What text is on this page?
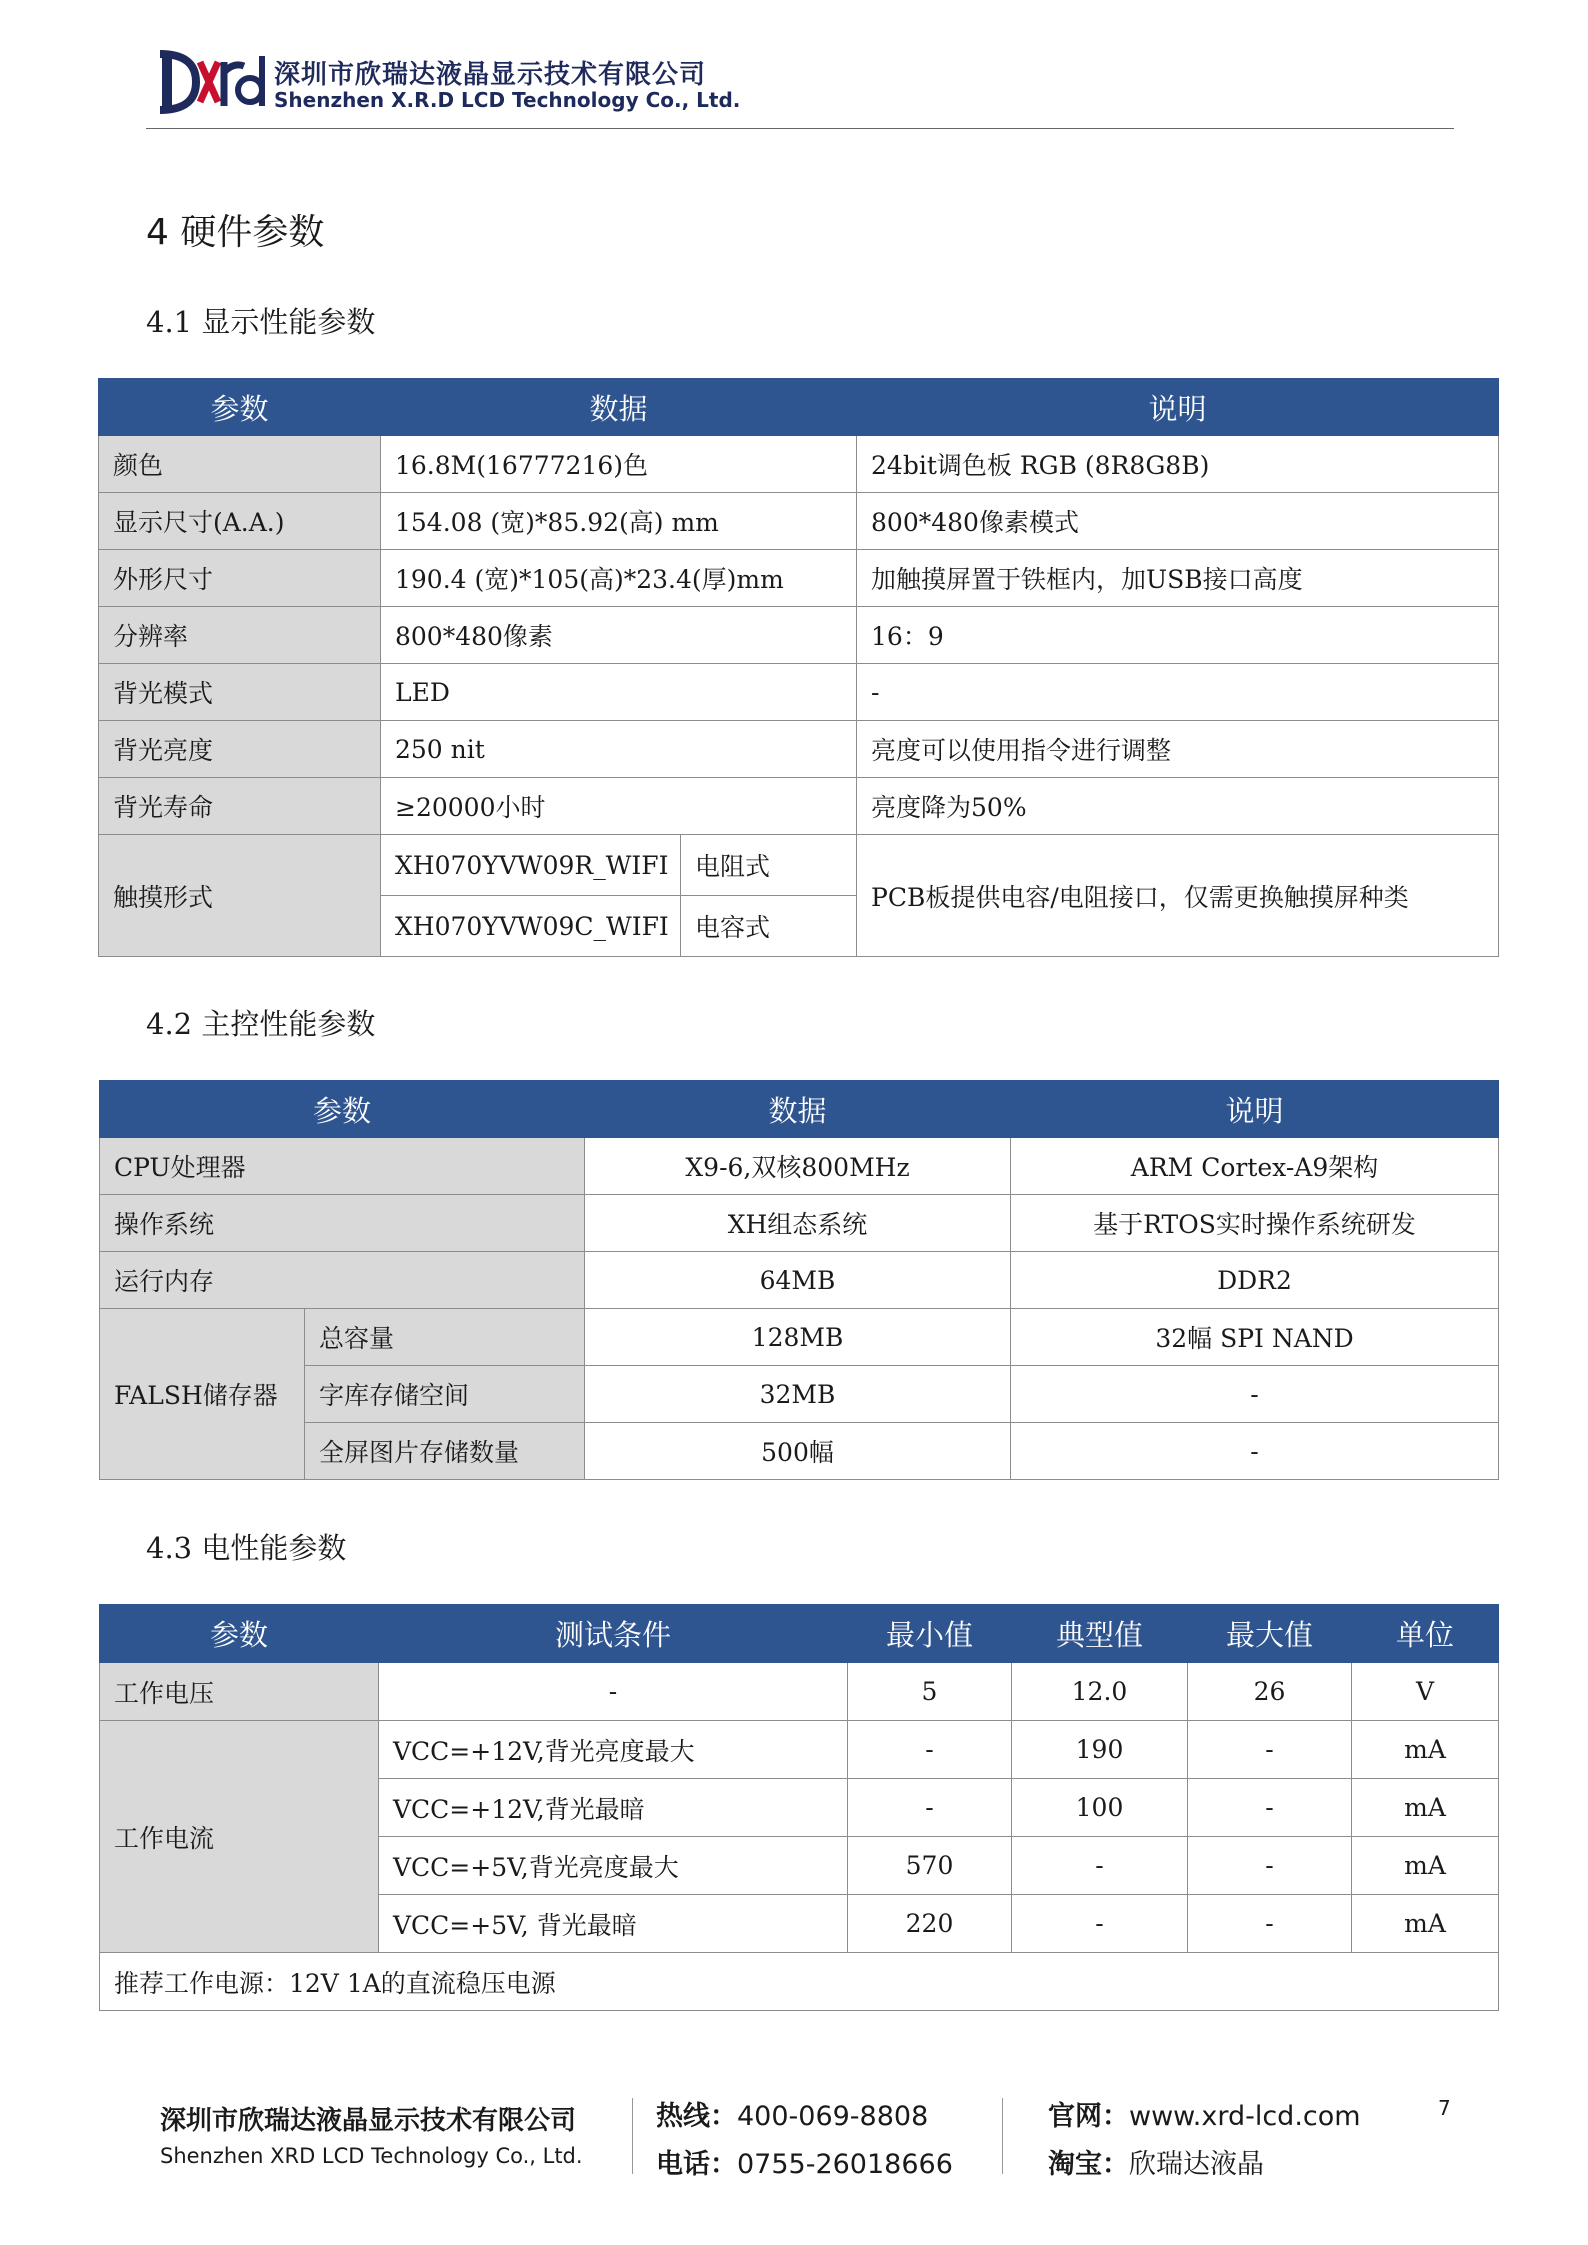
xrd
深圳市欣瑞达液晶显示技术有限公司
Shenzhen X.R.D LCD Technology Co., Ltd.
4 硬件参数
4.1 显示性能参数
参数	数据		说明
颜色	16.8M(16777216)色		24bit调色板 RGB (8R8G8B)
显示尺寸(A.A.)	154.08 (宽)*85.92(高) mm		800*480像素模式
外形尺寸	190.4 (宽)*105(高)*23.4(厚)mm		加触摸屏置于铁框内，加USB接口高度
分辨率	800*480像素		16：9
背光模式	LED		-
背光亮度	250 nit		亮度可以使用指令进行调整
背光寿命	≥20000小时		亮度降为50%
触摸形式	XH070YVW09R_WIFI	电阻式	PCB板提供电容/电阻接口，仅需更换触摸屏种类
	XH070YVW09C_WIFI	电容式	
4.2 主控性能参数
参数		数据	说明
CPU处理器		X9-6,双核800MHz	ARM Cortex-A9架构
操作系统		XH组态系统	基于RTOS实时操作系统研发
运行内存		64MB	DDR2
FALSH储存器	总容量	128MB	32幅 SPI NAND
	字库存储空间	32MB	-
	全屏图片存储数量	500幅	-
4.3 电性能参数
参数	测试条件	最小值	典型值	最大值	单位
工作电压	-	5	12.0	26	V
工作电流	VCC=+12V,背光亮度最大	-	190	-	mA
	VCC=+12V,背光最暗	-	100	-	mA
	VCC=+5V,背光亮度最大	570	-	-	mA
	VCC=+5V, 背光最暗	220	-	-	mA
推荐工作电源：12V 1A的直流稳压电源					
深圳市欣瑞达液晶显示技术有限公司
Shenzhen XRD LCD Technology Co., Ltd.
热线：400-069-8808
电话：0755-26018666
官网：www.xrd-lcd.com
淘宝：欣瑞达液晶
7
